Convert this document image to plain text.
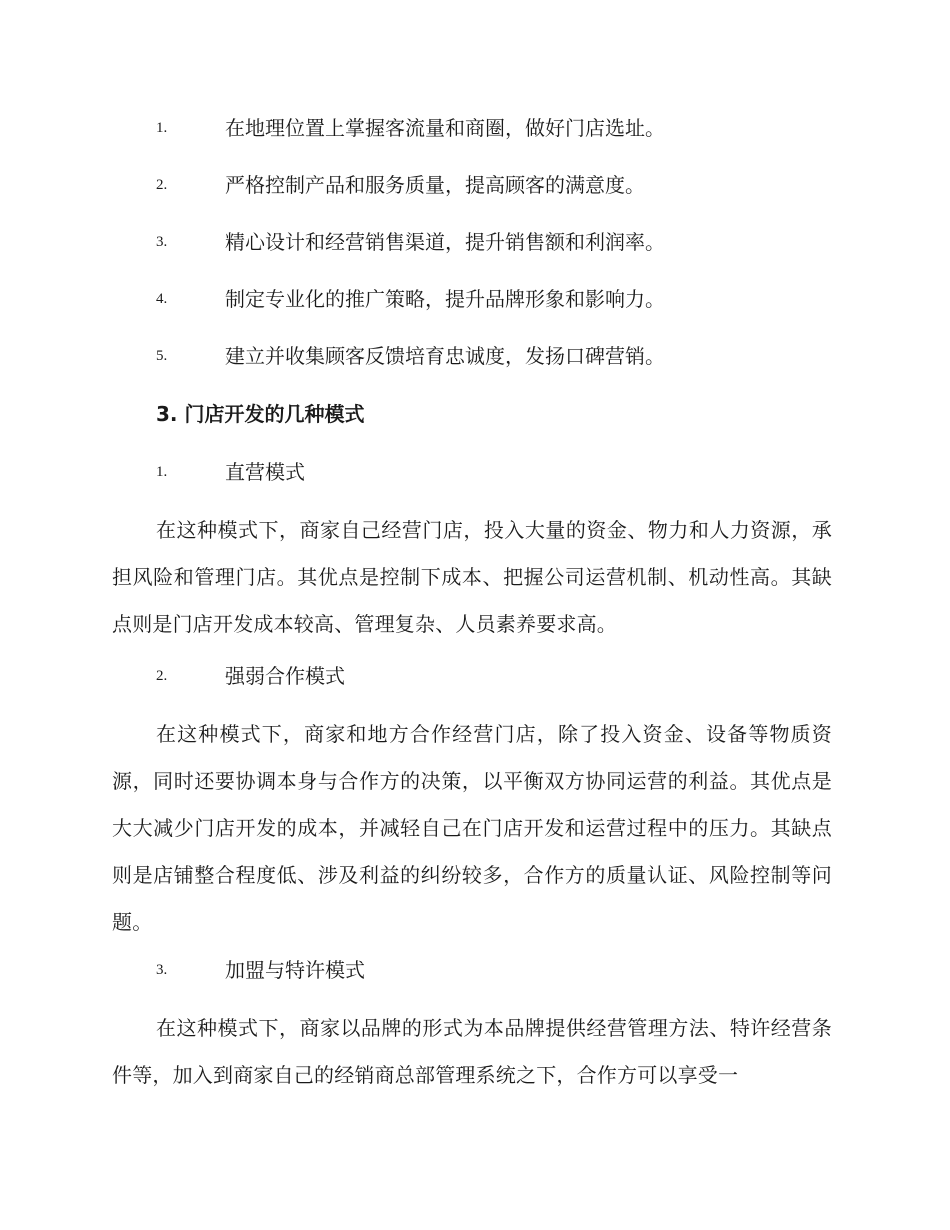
1.	在地理位置上掌握客流量和商圈，做好门店选址。
2.	严格控制产品和服务质量，提高顾客的满意度。
3.	精心设计和经营销售渠道，提升销售额和利润率。
4.	制定专业化的推广策略，提升品牌形象和影响力。
5.	建立并收集顾客反馈培育忠诚度，发扬口碑营销。
3. 门店开发的几种模式
1.	直营模式

在这种模式下，商家自己经营门店，投入大量的资金、物力和人力资源，承担风险和管理门店。其优点是控制下成本、把握公司运营机制、机动性高。其缺点则是门店开发成本较高、管理复杂、人员素养要求高。

2.	强弱合作模式

在这种模式下，商家和地方合作经营门店，除了投入资金、设备等物质资源，同时还要协调本身与合作方的决策，以平衡双方协同运营的利益。其优点是大大减少门店开发的成本，并减轻自己在门店开发和运营过程中的压力。其缺点则是店铺整合程度低、涉及利益的纠纷较多，合作方的质量认证、风险控制等问题。

3.	加盟与特许模式

在这种模式下，商家以品牌的形式为本品牌提供经营管理方法、特许经营条件等，加入到商家自己的经销商总部管理系统之下，合作方可以享受一
